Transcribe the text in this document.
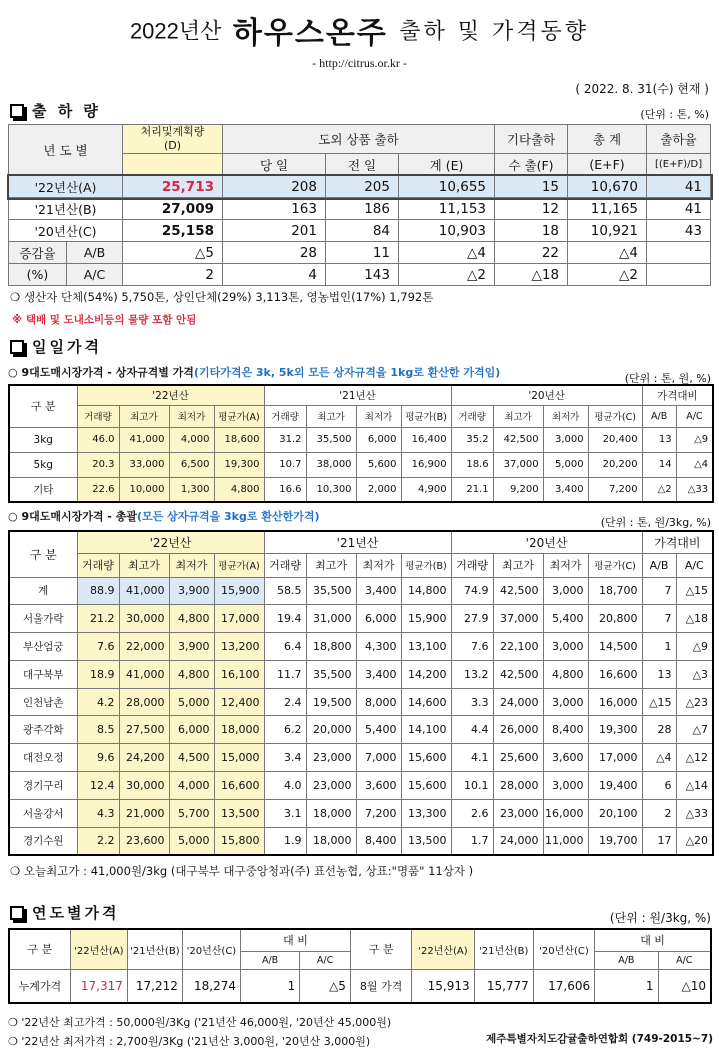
2022년산 하우스온주 출하 및 가격동향
- http://citrus.or.kr -
( 2022. 8. 31(수) 현재 )
출 하 량	(단위 : 톤, %)
년 도 별		처리및계획량
(D)	도외 상품 출하			기타출하	총 계	출하율
			당 일	전 일	계 (E)	수 출(F)	(E+F)	[(E+F)/D]
'22년산(A)		25,713	208	205	10,655	15	10,670	41
'21년산(B)		27,009	163	186	11,153	12	11,165	41
'20년산(C)		25,158	201	84	10,903	18	10,921	43
증감율	A/B	△5	28	11	△4	22	△4	
(%)	A/C	2	4	143	△2	△18	△2	
❍ 생산자 단체(54%) 5,750톤, 상인단체(29%) 3,113톤, 영농법인(17%) 1,792톤
※ 택배 및 도내소비등의 물량 포함 안됨
일일가격
○ 9대도매시장가격 - 상자규격별 가격(기타가격은 3k, 5k외 모든 상자규격을 1kg로 환산한 가격임)	(단위 : 톤, 원, %)
구 분	'22년산				'21년산				'20년산				가격대비	
	거래량	최고가	최저가	평균가(A)	거래량	최고가	최저가	평균가(B)	거래량	최고가	최저가	평균가(C)	A/B	A/C
3kg	46.0	41,000	4,000	18,600	31.2	35,500	6,000	16,400	35.2	42,500	3,000	20,400	13	△9
5kg	20.3	33,000	6,500	19,300	10.7	38,000	5,600	16,900	18.6	37,000	5,000	20,200	14	△4
기타	22.6	10,000	1,300	4,800	16.6	10,300	2,000	4,900	21.1	9,200	3,400	7,200	△2	△33
○ 9대도매시장가격 - 총괄(모든 상자규격을 3kg로 환산한가격)	(단위 : 톤, 원/3kg, %)
구 분	'22년산				'21년산				'20년산				가격대비	
	거래량	최고가	최저가	평균가(A)	거래량	최고가	최저가	평균가(B)	거래량	최고가	최저가	평균가(C)	A/B	A/C
계	88.9	41,000	3,900	15,900	58.5	35,500	3,400	14,800	74.9	42,500	3,000	18,700	7	△15
서울가락	21.2	30,000	4,800	17,000	19.4	31,000	6,000	15,900	27.9	37,000	5,400	20,800	7	△18
부산엄궁	7.6	22,000	3,900	13,200	6.4	18,800	4,300	13,100	7.6	22,100	3,000	14,500	1	△9
대구북부	18.9	41,000	4,800	16,100	11.7	35,500	3,400	14,200	13.2	42,500	4,800	16,600	13	△3
인천남촌	4.2	28,000	5,000	12,400	2.4	19,500	8,000	14,600	3.3	24,000	3,000	16,000	△15	△23
광주각화	8.5	27,500	6,000	18,000	6.2	20,000	5,400	14,100	4.4	26,000	8,400	19,300	28	△7
대전오정	9.6	24,200	4,500	15,000	3.4	23,000	7,000	15,600	4.1	25,600	3,600	17,000	△4	△12
경기구리	12.4	30,000	4,000	16,600	4.0	23,000	3,600	15,600	10.1	28,000	3,000	19,400	6	△14
서울강서	4.3	21,000	5,700	13,500	3.1	18,000	7,200	13,300	2.6	23,000	16,000	20,100	2	△33
경기수원	2.2	23,600	5,000	15,800	1.9	18,000	8,400	13,500	1.7	24,000	11,000	19,700	17	△20
❍ 오늘최고가 : 41,000원/3kg (대구북부 대구중앙청과(주) 표선농협, 상표:"명품" 11상자 )
연도별가격	(단위 : 원/3kg, %)
구 분	'22년산(A)	'21년산(B)	'20년산(C)	대 비		구 분	'22년산(A)	'21년산(B)	'20년산(C)	대 비	
				A/B	A/C					A/B	A/C
누계가격	17,317	17,212	18,274	1	△5	8월 가격	15,913	15,777	17,606	1	△10
❍ '22년산 최고가격 : 50,000원/3Kg ('21년산 46,000원, '20년산 45,000원)
❍ '22년산 최저가격 : 2,700원/3Kg ('21년산 3,000원, '20년산 3,000원)	제주특별자치도감귤출하연합회 (749-2015~7)
